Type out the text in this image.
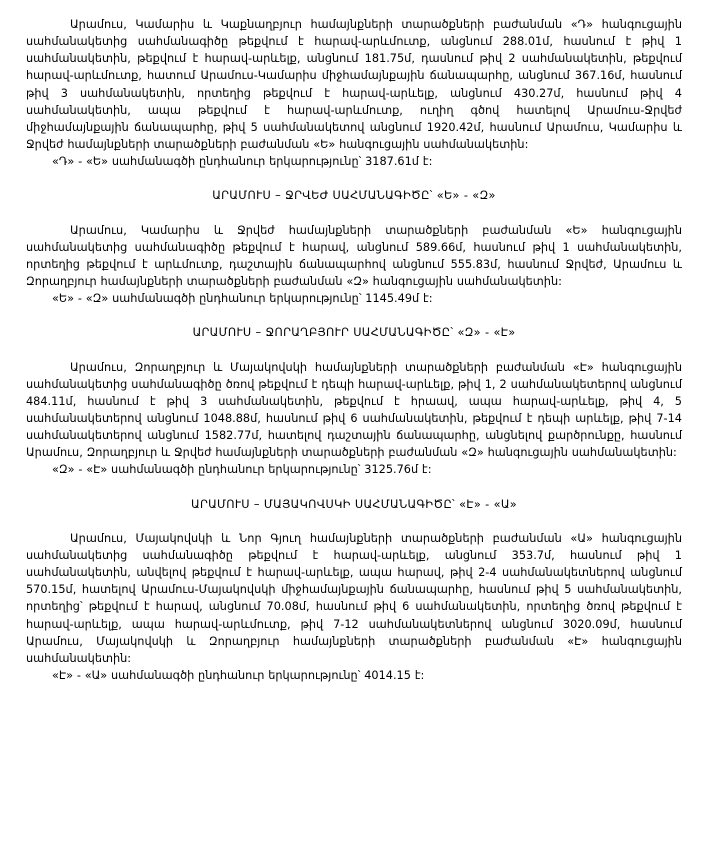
Արամուս, Կամարիս և Կաքնաղբյուր համայնքների տարածքների բաժանման «Դ» հանգուցային սահմանակետից սահմանագիծը թեքվում է հարավ-արևմուտք, անցնում 288.01մ, հասնում է թիվ 1 սահմանակետին, թեքվում է հարավ-արևելք, անցնում 181.75մ, դասնում թիվ 2 սահմանակետին, թեքվում հարավ-արևմուտք, հատում Արամուս-Կամարիս միջհամայնքային ճանապարհը, անցնում 367.16մ, հասնում թիվ 3 սահմանակետին, որտեղից թեքվում է հարավ-արևելք, անցնում 430.27մ, հասնում թիվ 4 սահմանակետին, ապա թեքվում է հարավ-արևմուտք, ուղիղ գծով հատելով Արամուս-Ջրվեժ միջհամայնքային ճանապարհը, թիվ 5 սահմանակետով անցնում 1920.42մ, հասնում Արամուս, Կամարիս և Ջրվեժ համայնքների տարածքների բաժանման «Ե» հանգուցային սահմանակետին:

«Դ» - «Ե» սահմանագծի ընդհանուր երկարությունը՝ 3187.61մ է:

ԱՐԱՄՈՒՍ – ՋՐՎԵԺ ՍԱՀՄԱՆԱԳԻԾԸ՝ «Ե» - «Զ»

Արամուս, Կամարիս և Ջրվեժ համայնքների տարածքների բաժանման «Ե» հանգուցային սահմանակետից սահմանագիծը թեքվում է հարավ, անցնում 589.66մ, հասնում թիվ 1 սահմանակետին, որտեղից թեքվում է արևմուտք, դաշտային ճանապարհով անցնում 555.83մ, հասնում Ջրվեժ, Արամուս և Զորաղբյուր համայնքների տարածքների բաժանման «Զ» հանգուցային սահմանակետին:

«Ե» - «Զ» սահմանագծի ընդհանուր երկարությունը՝ 1145.49մ է:

ԱՐԱՄՈՒՍ – ՋՈՐԱՂԲՅՈՒՐ ՍԱՀՄԱՆԱԳԻԾԸ՝ «Զ» - «Է»

Արամուս, Զորաղբյուր և Մայակովսկի համայնքների տարածքների բաժանման «Է» հանգուցային սահմանակետից սահմանագիծը ծռով թեքվում է դեպի հարավ-արևելք, թիվ 1, 2 սահմանակետերով անցնում 484.11մ, հասնում է թիվ 3 սահմանակետին, թեքվում է հրաավ, ապա հարավ-արևելք, թիվ 4, 5 սահմանակետերով անցնում 1048.88մ, հասնում թիվ 6 սահմանակետին, թեքվում է դեպի արևելք, թիվ 7-14 սահմանակետերով անցնում 1582.77մ, հատելով դաշտային ճանապարհը, անցնելով քարծրունքը, հասնում Արամուս, Զորաղբյուր և Ջրվեժ համայնքների տարածքների բաժանման «Զ» հանգուցային սահմանակետին:

«Զ» - «Է» սահմանագծի ընդհանուր երկարությունը՝ 3125.76մ է:

ԱՐԱՄՈՒՍ – ՄԱՅԱԿՈՎՍԿԻ ՍԱՀՄԱՆԱԳԻԾԸ՝ «Է» - «Ա»

Արամուս, Մայակովսկի և Նոր Գյուղ համայնքների տարածքների բաժանման «Ա» հանգուցային սահմանակետից սահմանագիծը թեքվում է հարավ-արևելք, անցնում 353.7մ, հասնում թիվ 1 սահմանակետին, անվելով թեքվում է հարավ-արևելք, ապա հարավ, թիվ 2-4 սահմանակետներով անցնում 570.15մ, հատելով Արամուս-Մայակովսկի միջհամայնքային ճանապարհը, հասնում թիվ 5 սահմանակետին, որտեղից՝ թեքվում է հարավ, անցնում 70.08մ, հասնում թիվ 6 սահմանակետին, որտեղից ծռով թեքվում է հարավ-արևելք, ապա հարավ-արևմուտք, թիվ 7-12 սահմանակետներով անցնում 3020.09մ, հասնում Արամուս, Մայակովսկի և Զորաղբյուր համայնքների տարածքների բաժանման «Է» հանգուցային սահմանակետին:

«Է» - «Ա» սահմանագծի ընդհանուր երկարությունը՝ 4014.15 է:
